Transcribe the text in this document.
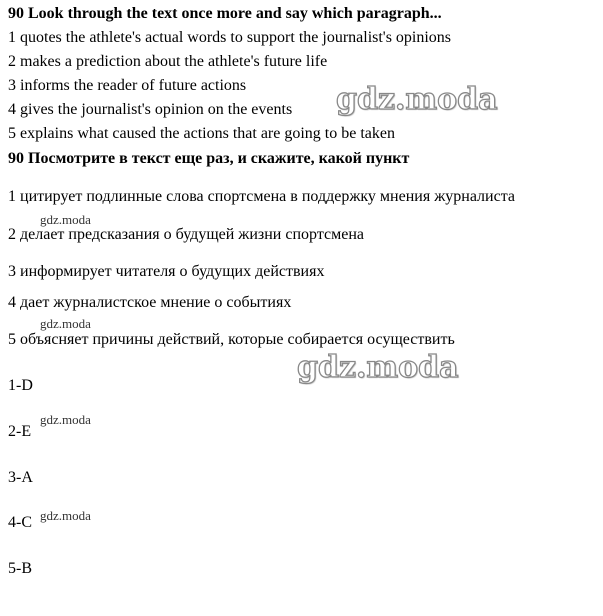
90 Look through the text once more and say which paragraph...
1 quotes the athlete's actual words to support the journalist's opinions
2 makes a prediction about the athlete's future life
3 informs the reader of future actions
4 gives the journalist's opinion on the events
5 explains what caused the actions that are going to be taken
90 Посмотрите в текст еще раз, и скажите, какой пункт
1 цитирует подлинные слова спортсмена в поддержку мнения журналиста
2 делает предсказания о будущей жизни спортсмена
3 информирует читателя о будущих действиях
4 дает журналистское мнение о событиях
5 объясняет причины действий, которые собирается осуществить
1-D
2-E
3-A
4-C
5-B
gdz.moda
gdz.moda
gdz.moda
gdz.moda
gdz.moda
gdz.moda
